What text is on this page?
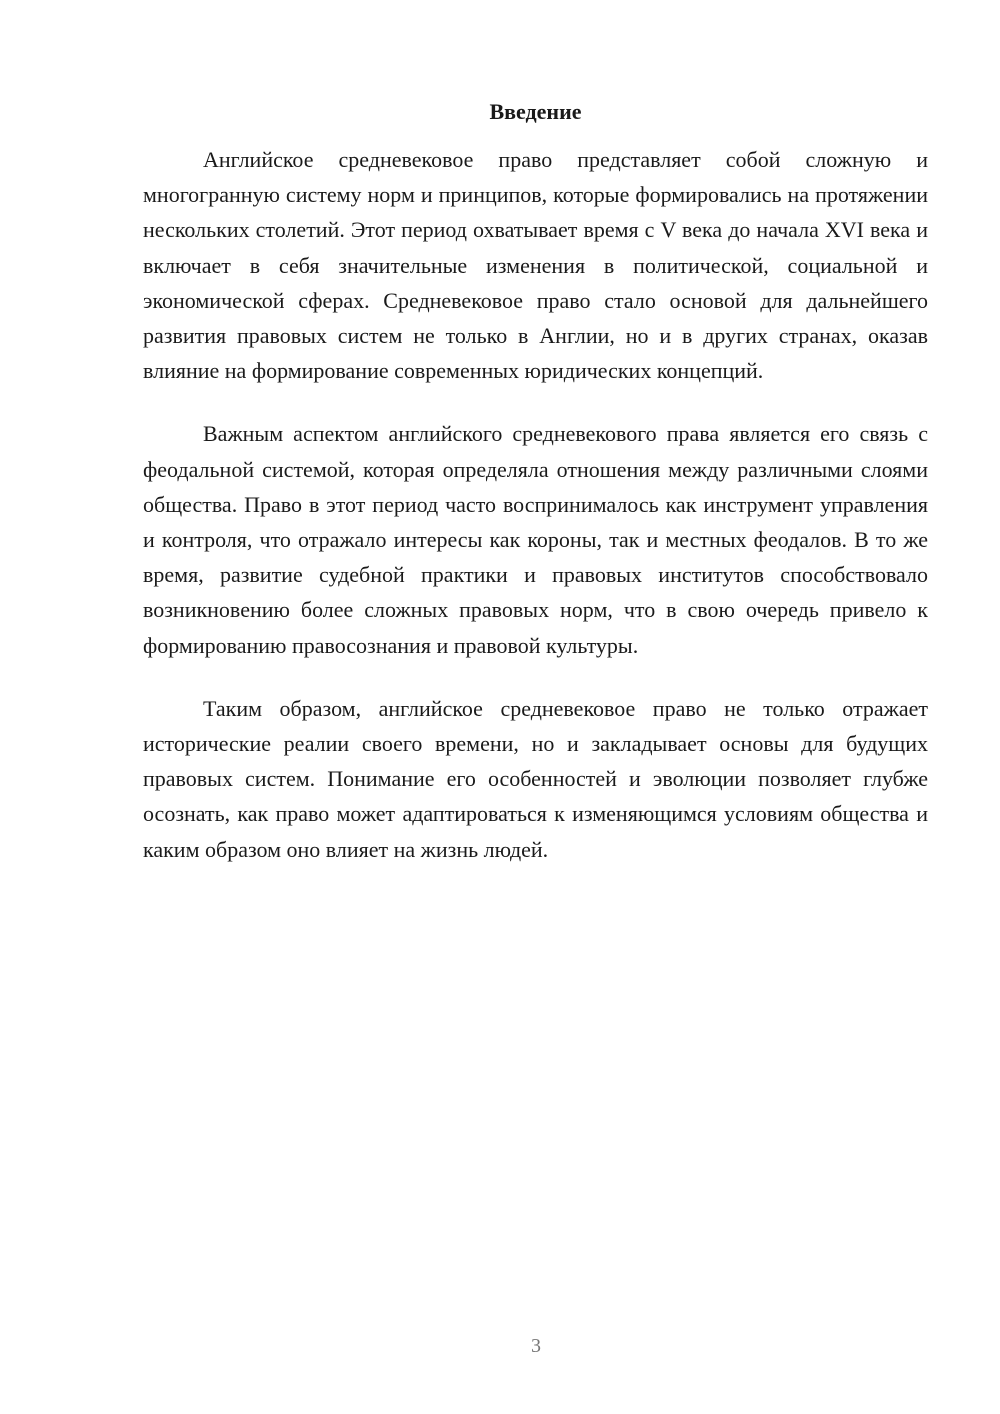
Введение

Английское средневековое право представляет собой сложную и многогранную систему норм и принципов, которые формировались на протяжении нескольких столетий. Этот период охватывает время с V века до начала XVI века и включает в себя значительные изменения в политической, социальной и экономической сферах. Средневековое право стало основой для дальнейшего развития правовых систем не только в Англии, но и в других странах, оказав влияние на формирование современных юридических концепций.

Важным аспектом английского средневекового права является его связь с феодальной системой, которая определяла отношения между различными слоями общества. Право в этот период часто воспринималось как инструмент управления и контроля, что отражало интересы как короны, так и местных феодалов. В то же время, развитие судебной практики и правовых институтов способствовало возникновению более сложных правовых норм, что в свою очередь привело к формированию правосознания и правовой культуры.

Таким образом, английское средневековое право не только отражает исторические реалии своего времени, но и закладывает основы для будущих правовых систем. Понимание его особенностей и эволюции позволяет глубже осознать, как право может адаптироваться к изменяющимся условиям общества и каким образом оно влияет на жизнь людей.

3
